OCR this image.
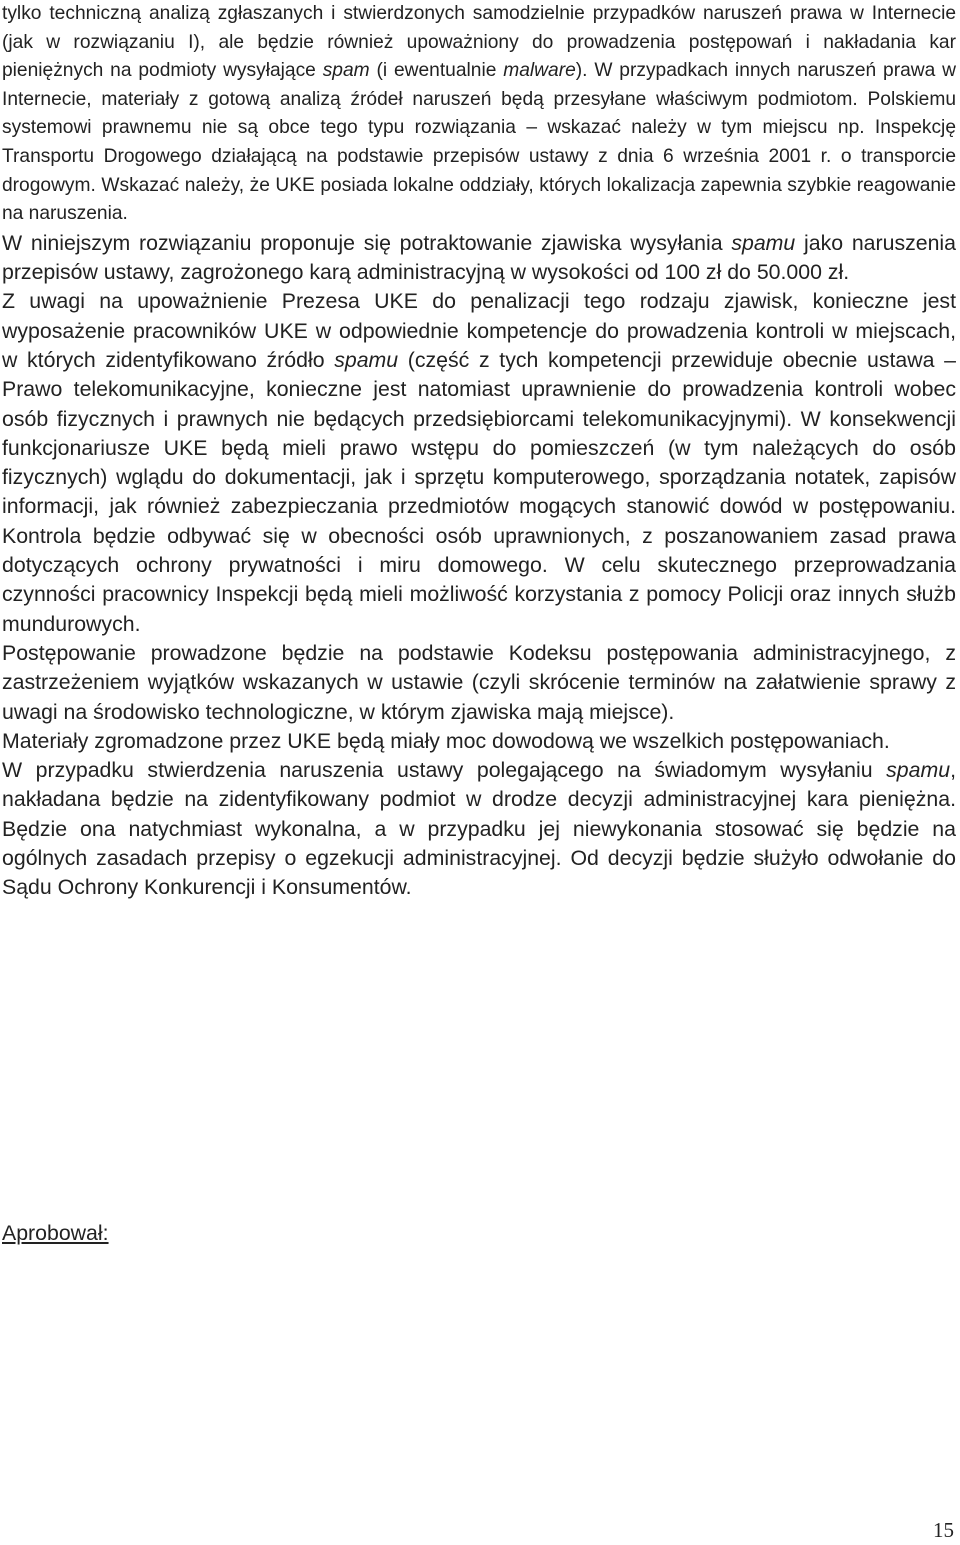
tylko techniczną analizą zgłaszanych i stwierdzonych samodzielnie przypadków naruszeń prawa w Internecie (jak w rozwiązaniu I), ale będzie również upoważniony do prowadzenia postępowań i nakładania kar pieniężnych na podmioty wysyłające spam (i ewentualnie malware). W przypadkach innych naruszeń prawa w Internecie, materiały z gotową analizą źródeł naruszeń będą przesyłane właściwym podmiotom. Polskiemu systemowi prawnemu nie są obce tego typu rozwiązania – wskazać należy w tym miejscu np. Inspekcję Transportu Drogowego działającą na podstawie przepisów ustawy z dnia 6 września 2001 r. o transporcie drogowym. Wskazać należy, że UKE posiada lokalne oddziały, których lokalizacja zapewnia szybkie reagowanie na naruszenia.

W niniejszym rozwiązaniu proponuje się potraktowanie zjawiska wysyłania spamu jako naruszenia przepisów ustawy, zagrożonego karą administracyjną w wysokości od 100 zł do 50.000 zł.

Z uwagi na upoważnienie Prezesa UKE do penalizacji tego rodzaju zjawisk, konieczne jest wyposażenie pracowników UKE w odpowiednie kompetencje do prowadzenia kontroli w miejscach, w których zidentyfikowano źródło spamu (część z tych kompetencji przewiduje obecnie ustawa – Prawo telekomunikacyjne, konieczne jest natomiast uprawnienie do prowadzenia kontroli wobec osób fizycznych i prawnych nie będących przedsiębiorcami telekomunikacyjnymi). W konsekwencji funkcjonariusze UKE będą mieli prawo wstępu do pomieszczeń (w tym należących do osób fizycznych) wglądu do dokumentacji, jak i sprzętu komputerowego, sporządzania notatek, zapisów informacji, jak również zabezpieczania przedmiotów mogących stanowić dowód w postępowaniu. Kontrola będzie odbywać się w obecności osób uprawnionych, z poszanowaniem zasad prawa dotyczących ochrony prywatności i miru domowego. W celu skutecznego przeprowadzania czynności pracownicy Inspekcji będą mieli możliwość korzystania z pomocy Policji oraz innych służb mundurowych.

Postępowanie prowadzone będzie na podstawie Kodeksu postępowania administracyjnego, z zastrzeżeniem wyjątków wskazanych w ustawie (czyli skrócenie terminów na załatwienie sprawy z uwagi na środowisko technologiczne, w którym zjawiska mają miejsce).

Materiały zgromadzone przez UKE będą miały moc dowodową we wszelkich postępowaniach.

W przypadku stwierdzenia naruszenia ustawy polegającego na świadomym wysyłaniu spamu, nakładana będzie na zidentyfikowany podmiot w drodze decyzji administracyjnej kara pieniężna. Będzie ona natychmiast wykonalna, a w przypadku jej niewykonania stosować się będzie na ogólnych zasadach przepisy o egzekucji administracyjnej. Od decyzji będzie służyło odwołanie do Sądu Ochrony Konkurencji i Konsumentów.

Aprobował:
15
